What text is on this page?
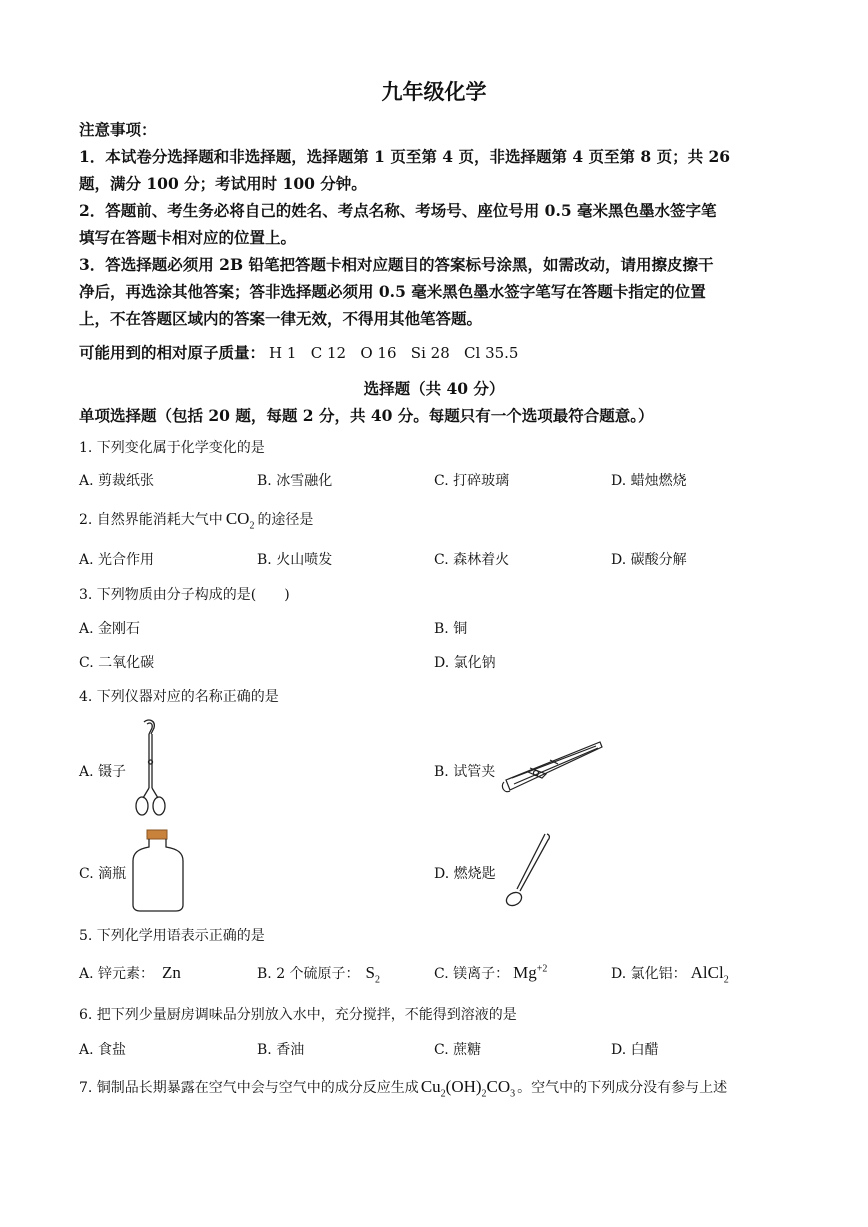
九年级化学
注意事项：
1．本试卷分选择题和非选择题，选择题第 1 页至第 4 页，非选择题第 4 页至第 8 页；共 26
题，满分 100 分；考试用时 100 分钟。
2．答题前、考生务必将自己的姓名、考点名称、考场号、座位号用 0.5 毫米黑色墨水签字笔
填写在答题卡相对应的位置上。
3．答选择题必须用 2B 铅笔把答题卡相对应题目的答案标号涂黑，如需改动，请用擦皮擦干
净后，再选涂其他答案；答非选择题必须用 0.5 毫米黑色墨水签字笔写在答题卡指定的位置
上，不在答题区域内的答案一律无效，不得用其他笔答题。
可能用到的相对原子质量： H 1   C 12   O 16   Si 28   Cl 35.5
选择题（共 40 分）
单项选择题（包括 20 题，每题 2 分，共 40 分。每题只有一个选项最符合题意。）
1. 下列变化属于化学变化的是
A. 剪裁纸张	B. 冰雪融化	C. 打碎玻璃	D. 蜡烛燃烧
2. 自然界能消耗大气中 $CO_2$ 的途径是
A. 光合作用	B. 火山喷发	C. 森林着火	D. 碳酸分解
3. 下列物质由分子构成的是(　　)
A. 金刚石	B. 铜
C. 二氧化碳	D. 氯化钠
4. 下列仪器对应的名称正确的是
A. 镊子	B. 试管夹
C. 滴瓶	D. 燃烧匙
5. 下列化学用语表示正确的是
A. 锌元素： Zn	B. 2 个硫原子： $S_2$	C. 镁离子： $Mg^{+2}$	D. 氯化铝： AlCl$_2$
6. 把下列少量厨房调味品分别放入水中，充分搅拌，不能得到溶液的是
A. 食盐	B. 香油	C. 蔗糖	D. 白醋
7. 铜制品长期暴露在空气中会与空气中的成分反应生成 $Cu_2(OH)_2CO_3$ 。空气中的下列成分没有参与上述
